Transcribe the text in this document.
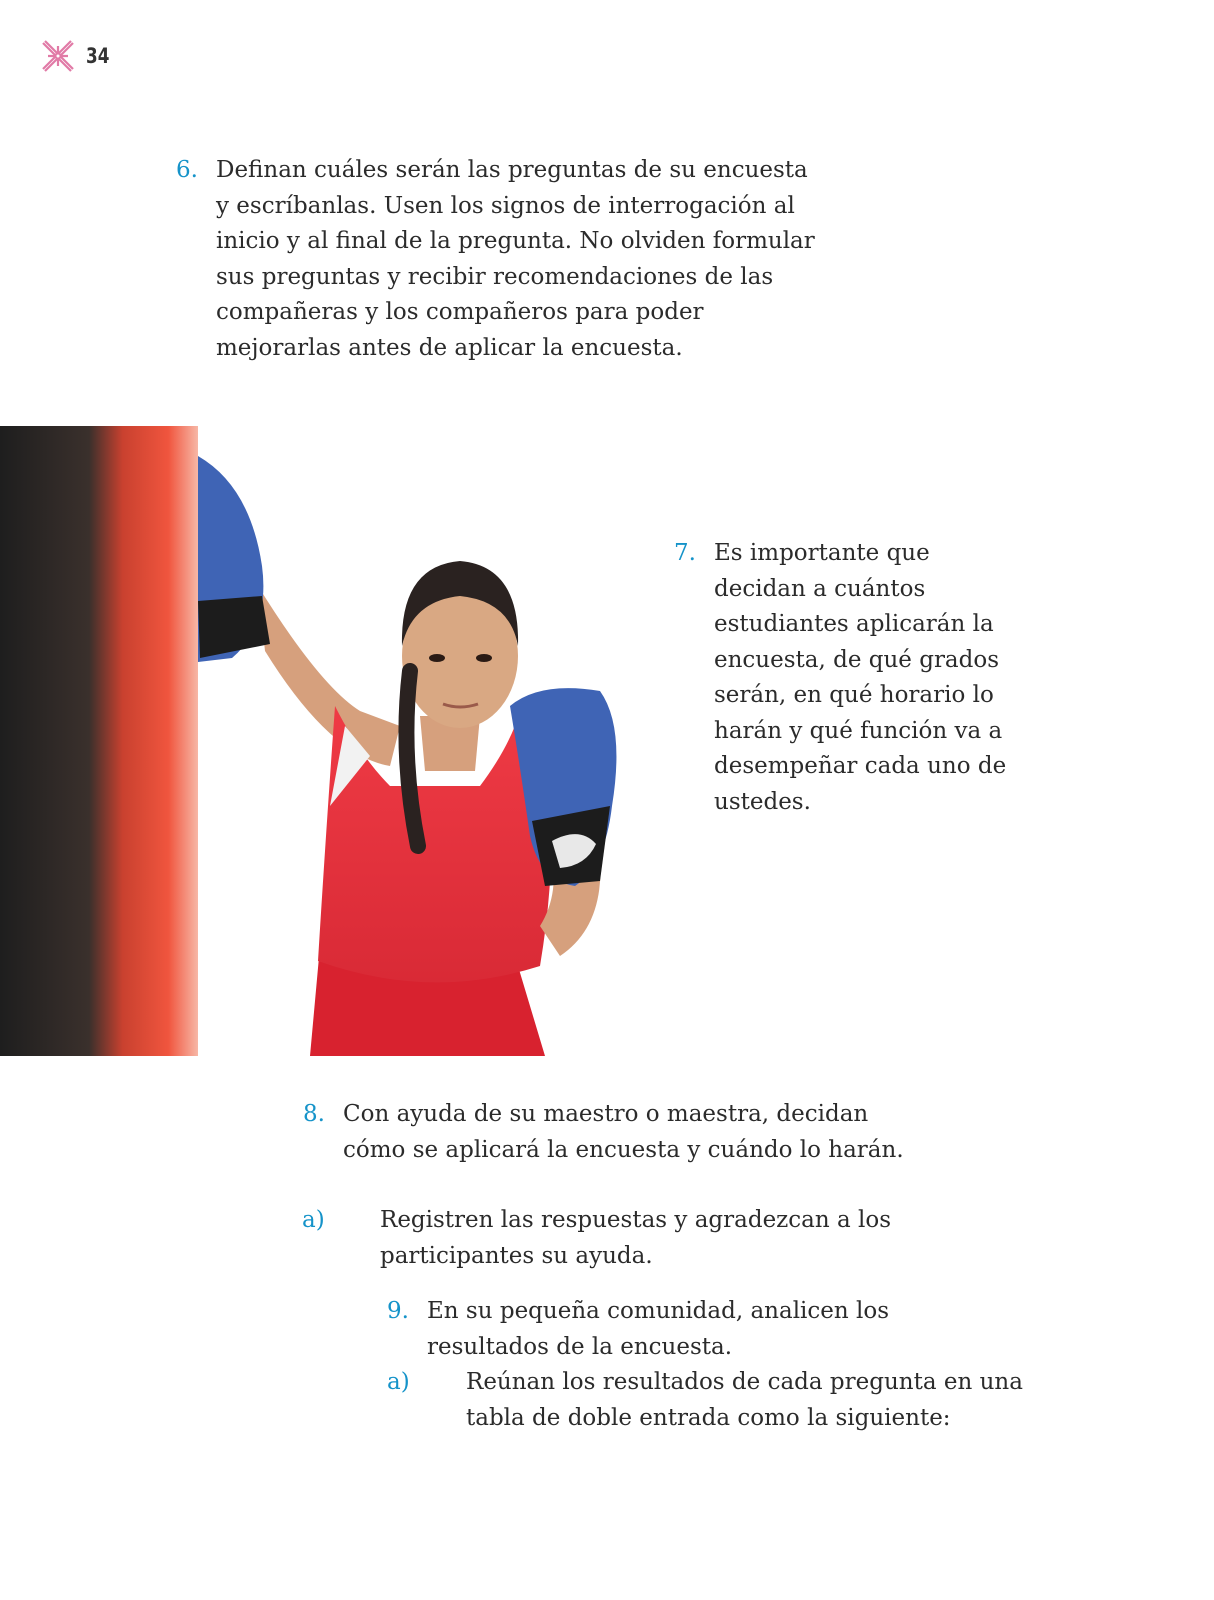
34
6. Definan cuáles serán las preguntas de su encuesta y escríbanlas. Usen los signos de interrogación al inicio y al final de la pregunta. No olviden formular sus preguntas y recibir recomendaciones de las compañeras y los compañeros para poder mejorarlas antes de aplicar la encuesta.

7. Es importante que decidan a cuántos estudiantes aplicarán la encuesta, de qué grados serán, en qué horario lo harán y qué función va a desempeñar cada uno de ustedes.

8. Con ayuda de su maestro o maestra, decidan cómo se aplicará la encuesta y cuándo lo harán.

a) Registren las respuestas y agradezcan a los participantes su ayuda.

9. En su pequeña comunidad, analicen los resultados de la encuesta.

a) Reúnan los resultados de cada pregunta en una tabla de doble entrada como la siguiente:
